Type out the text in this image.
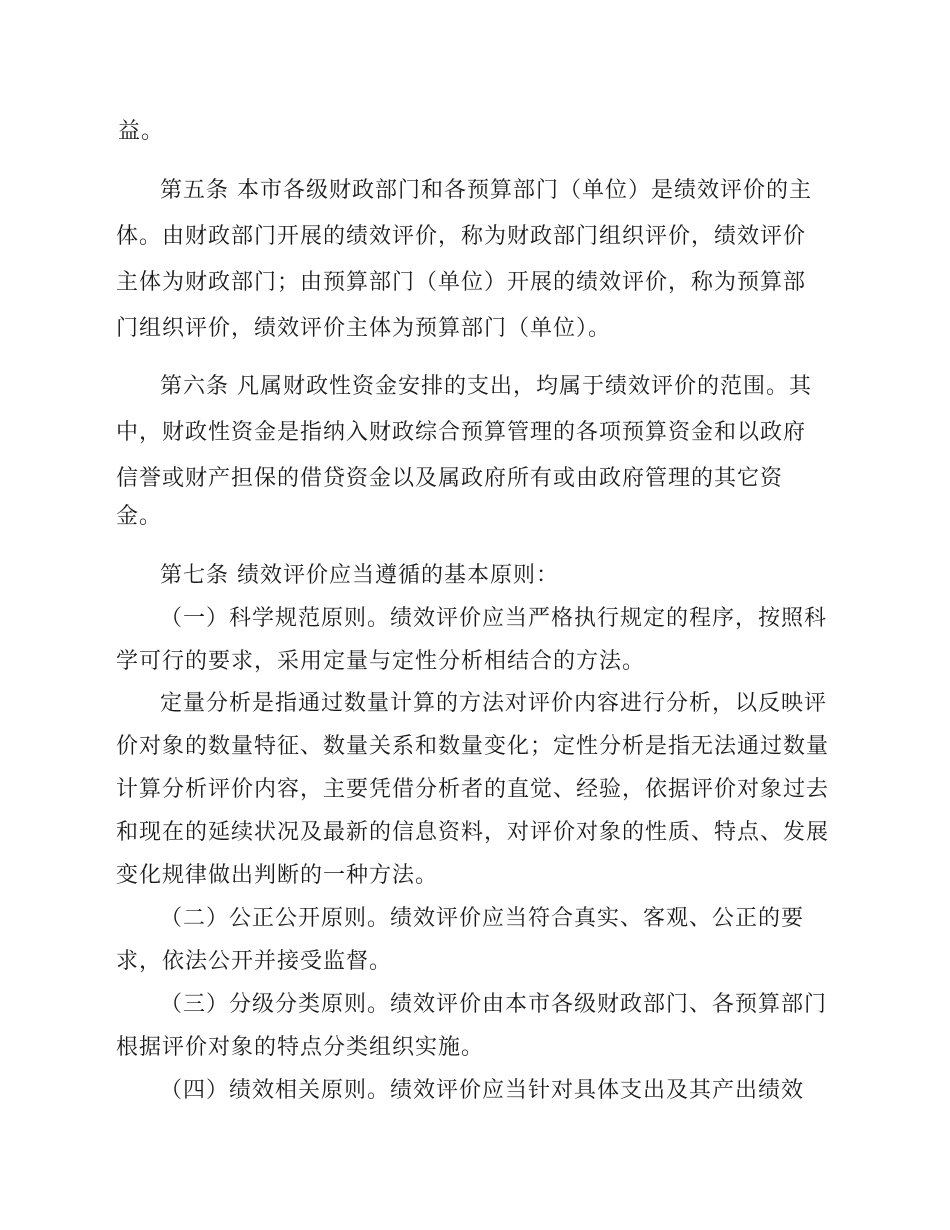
益。
第五条 本市各级财政部门和各预算部门（单位）是绩效评价的主
体。由财政部门开展的绩效评价，称为财政部门组织评价，绩效评价
主体为财政部门；由预算部门（单位）开展的绩效评价，称为预算部
门组织评价，绩效评价主体为预算部门（单位）。
第六条 凡属财政性资金安排的支出，均属于绩效评价的范围。其
中，财政性资金是指纳入财政综合预算管理的各项预算资金和以政府
信誉或财产担保的借贷资金以及属政府所有或由政府管理的其它资
金。
第七条 绩效评价应当遵循的基本原则：
（一）科学规范原则。绩效评价应当严格执行规定的程序，按照科
学可行的要求，采用定量与定性分析相结合的方法。
定量分析是指通过数量计算的方法对评价内容进行分析，以反映评
价对象的数量特征、数量关系和数量变化；定性分析是指无法通过数量
计算分析评价内容，主要凭借分析者的直觉、经验，依据评价对象过去
和现在的延续状况及最新的信息资料，对评价对象的性质、特点、发展
变化规律做出判断的一种方法。
（二）公正公开原则。绩效评价应当符合真实、客观、公正的要
求，依法公开并接受监督。
（三）分级分类原则。绩效评价由本市各级财政部门、各预算部门
根据评价对象的特点分类组织实施。
（四）绩效相关原则。绩效评价应当针对具体支出及其产出绩效
